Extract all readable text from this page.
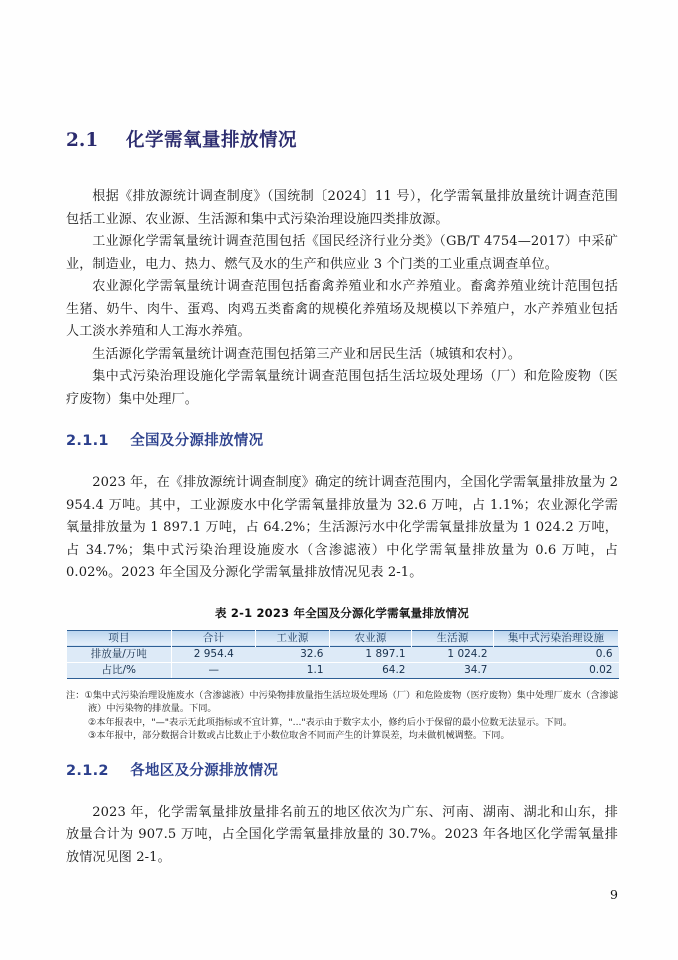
2.1 化学需氧量排放情况

根据《排放源统计调查制度》（国统制〔2024〕11 号），化学需氧量排放量统计调查范围包括工业源、农业源、生活源和集中式污染治理设施四类排放源。

工业源化学需氧量统计调查范围包括《国民经济行业分类》（GB/T 4754—2017）中采矿业，制造业，电力、热力、燃气及水的生产和供应业 3 个门类的工业重点调查单位。

农业源化学需氧量统计调查范围包括畜禽养殖业和水产养殖业。畜禽养殖业统计范围包括生猪、奶牛、肉牛、蛋鸡、肉鸡五类畜禽的规模化养殖场及规模以下养殖户，水产养殖业包括人工淡水养殖和人工海水养殖。

生活源化学需氧量统计调查范围包括第三产业和居民生活（城镇和农村）。

集中式污染治理设施化学需氧量统计调查范围包括生活垃圾处理场（厂）和危险废物（医疗废物）集中处理厂。

2.1.1 全国及分源排放情况

2023 年，在《排放源统计调查制度》确定的统计调查范围内，全国化学需氧量排放量为 2 954.4 万吨。其中，工业源废水中化学需氧量排放量为 32.6 万吨，占 1.1%；农业源化学需氧量排放量为 1 897.1 万吨，占 64.2%；生活源污水中化学需氧量排放量为 1 024.2 万吨，占 34.7%；集中式污染治理设施废水（含渗滤液）中化学需氧量排放量为 0.6 万吨，占 0.02%。2023 年全国及分源化学需氧量排放情况见表 2-1。

表 2-1 2023 年全国及分源化学需氧量排放情况

项目	合计	工业源	农业源	生活源	集中式污染治理设施
排放量/万吨	2 954.4	32.6	1 897.1	1 024.2	0.6
占比/%	—	1.1	64.2	34.7	0.02
注：①集中式污染治理设施废水（含渗滤液）中污染物排放量指生活垃圾处理场（厂）和危险废物（医疗废物）集中处理厂废水（含渗滤液）中污染物的排放量。下同。
②本年报表中，"—"表示无此项指标或不宜计算，"..."表示由于数字太小，修约后小于保留的最小位数无法显示。下同。
③本年报中，部分数据合计数或占比数止于小数位取舍不同而产生的计算误差，均未做机械调整。下同。
2.1.2 各地区及分源排放情况

2023 年，化学需氧量排放量排名前五的地区依次为广东、河南、湖南、湖北和山东，排放量合计为 907.5 万吨，占全国化学需氧量排放量的 30.7%。2023 年各地区化学需氧量排放情况见图 2-1。

9
